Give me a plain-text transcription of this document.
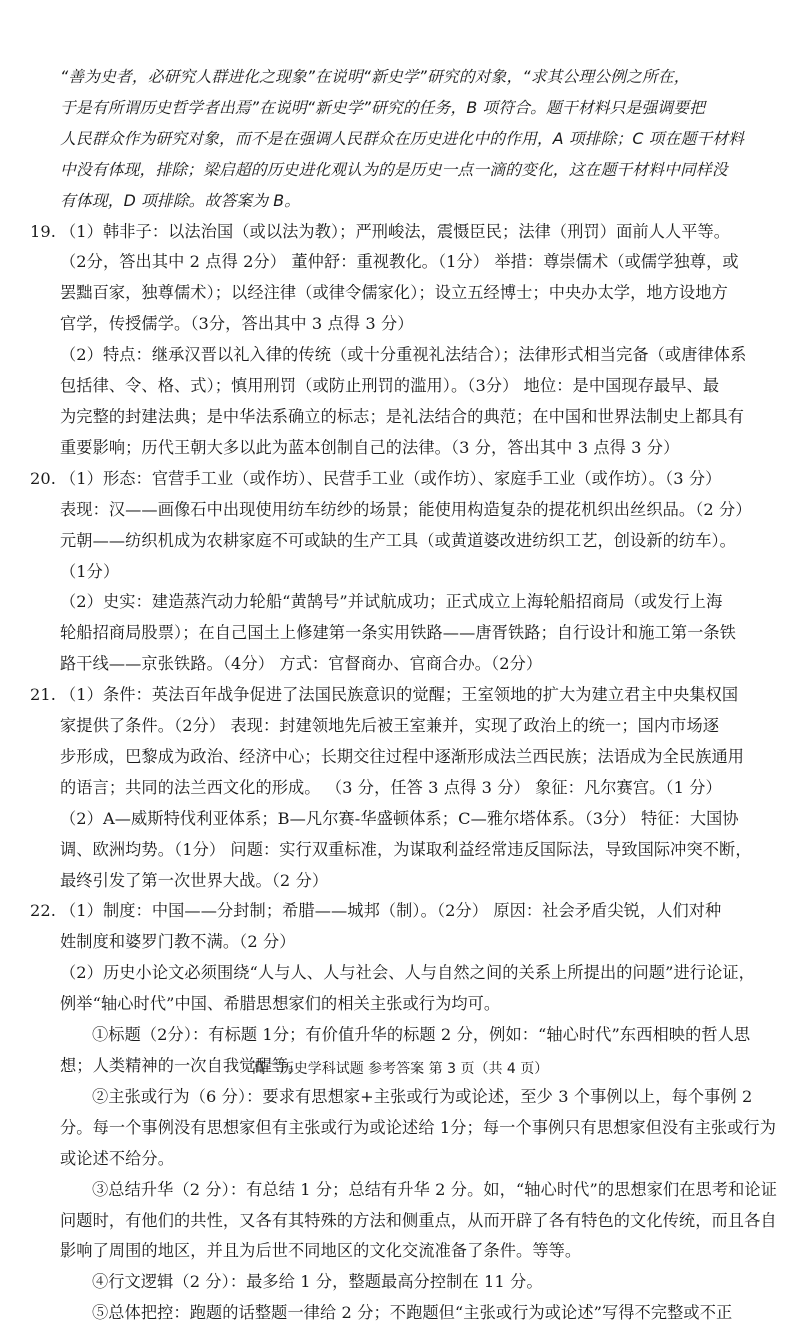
“善为史者，必研究人群进化之现象”在说明“新史学”研究的对象，“求其公理公例之所在，

于是有所谓历史哲学者出焉”在说明“新史学”研究的任务，B 项符合。题干材料只是强调要把

人民群众作为研究对象，而不是在强调人民群众在历史进化中的作用，A 项排除；C 项在题干材料

中没有体现，排除；梁启超的历史进化观认为的是历史一点一滴的变化，这在题干材料中同样没

有体现，D 项排除。故答案为 B。

19. （1）韩非子：以法治国（或以法为教）；严刑峻法，震慑臣民；法律（刑罚）面前人人平等。

（2分，答出其中 2 点得 2分） 董仲舒：重视教化。（1分） 举措：尊崇儒术（或儒学独尊，或

罢黜百家，独尊儒术）；以经注律（或律令儒家化）；设立五经博士；中央办太学，地方设地方

官学，传授儒学。（3分，答出其中 3 点得 3 分）

（2）特点：继承汉晋以礼入律的传统（或十分重视礼法结合）；法律形式相当完备（或唐律体系

包括律、令、格、式）；慎用刑罚（或防止刑罚的滥用）。（3分） 地位：是中国现存最早、最

为完整的封建法典；是中华法系确立的标志；是礼法结合的典范；在中国和世界法制史上都具有

重要影响；历代王朝大多以此为蓝本创制自己的法律。（3 分，答出其中 3 点得 3 分）

20. （1）形态：官营手工业（或作坊）、民营手工业（或作坊）、家庭手工业（或作坊）。（3 分）

表现：汉——画像石中出现使用纺车纺纱的场景；能使用构造复杂的提花机织出丝织品。（2 分）

元朝——纺织机成为农耕家庭不可或缺的生产工具（或黄道婆改进纺织工艺，创设新的纺车）。

（1分）

（2）史实：建造蒸汽动力轮船“黄鹄号”并试航成功；正式成立上海轮船招商局（或发行上海

轮船招商局股票）；在自己国土上修建第一条实用铁路——唐胥铁路；自行设计和施工第一条铁

路干线——京张铁路。（4分） 方式：官督商办、官商合办。（2分）

21. （1）条件：英法百年战争促进了法国民族意识的觉醒；王室领地的扩大为建立君主中央集权国

家提供了条件。（2分） 表现：封建领地先后被王室兼并，实现了政治上的统一；国内市场逐

步形成，巴黎成为政治、经济中心；长期交往过程中逐渐形成法兰西民族；法语成为全民族通用

的语言；共同的法兰西文化的形成。 （3 分，任答 3 点得 3 分） 象征：凡尔赛宫。（1 分）

（2）A—威斯特伐利亚体系；B—凡尔赛-华盛顿体系；C—雅尔塔体系。（3分） 特征：大国协

调、欧洲均势。（1分） 问题：实行双重标准，为谋取利益经常违反国际法，导致国际冲突不断，

最终引发了第一次世界大战。（2 分）

22. （1）制度：中国——分封制；希腊——城邦（制）。（2分） 原因：社会矛盾尖锐，人们对种

姓制度和婆罗门教不满。（2 分）

（2）历史小论文必须围绕“人与人、人与社会、人与自然之间的关系上所提出的问题”进行论证，

例举“轴心时代”中国、希腊思想家们的相关主张或行为均可。

①标题（2分）：有标题 1分；有价值升华的标题 2 分，例如：“轴心时代”东西相映的哲人思想；人类精神的一次自我觉醒等。

②主张或行为（6 分）：要求有思想家+主张或行为或论述，至少 3 个事例以上，每个事例 2 分。每一个事例没有思想家但有主张或行为或论述给 1分；每一个事例只有思想家但没有主张或行为或论述不给分。

③总结升华（2 分）：有总结 1 分；总结有升华 2 分。如，“轴心时代”的思想家们在思考和论证问题时，有他们的共性，又各有其特殊的方法和侧重点，从而开辟了各有特色的文化传统，而且各自影响了周围的地区，并且为后世不同地区的文化交流准备了条件。等等。

④行文逻辑（2 分）：最多给 1 分，整题最高分控制在 11 分。

⑤总体把控：跑题的话整题一律给 2 分；不跑题但“主张或行为或论述”写得不完整或不正

高二历史学科试题 参考答案 第 3 页（共 4 页）
